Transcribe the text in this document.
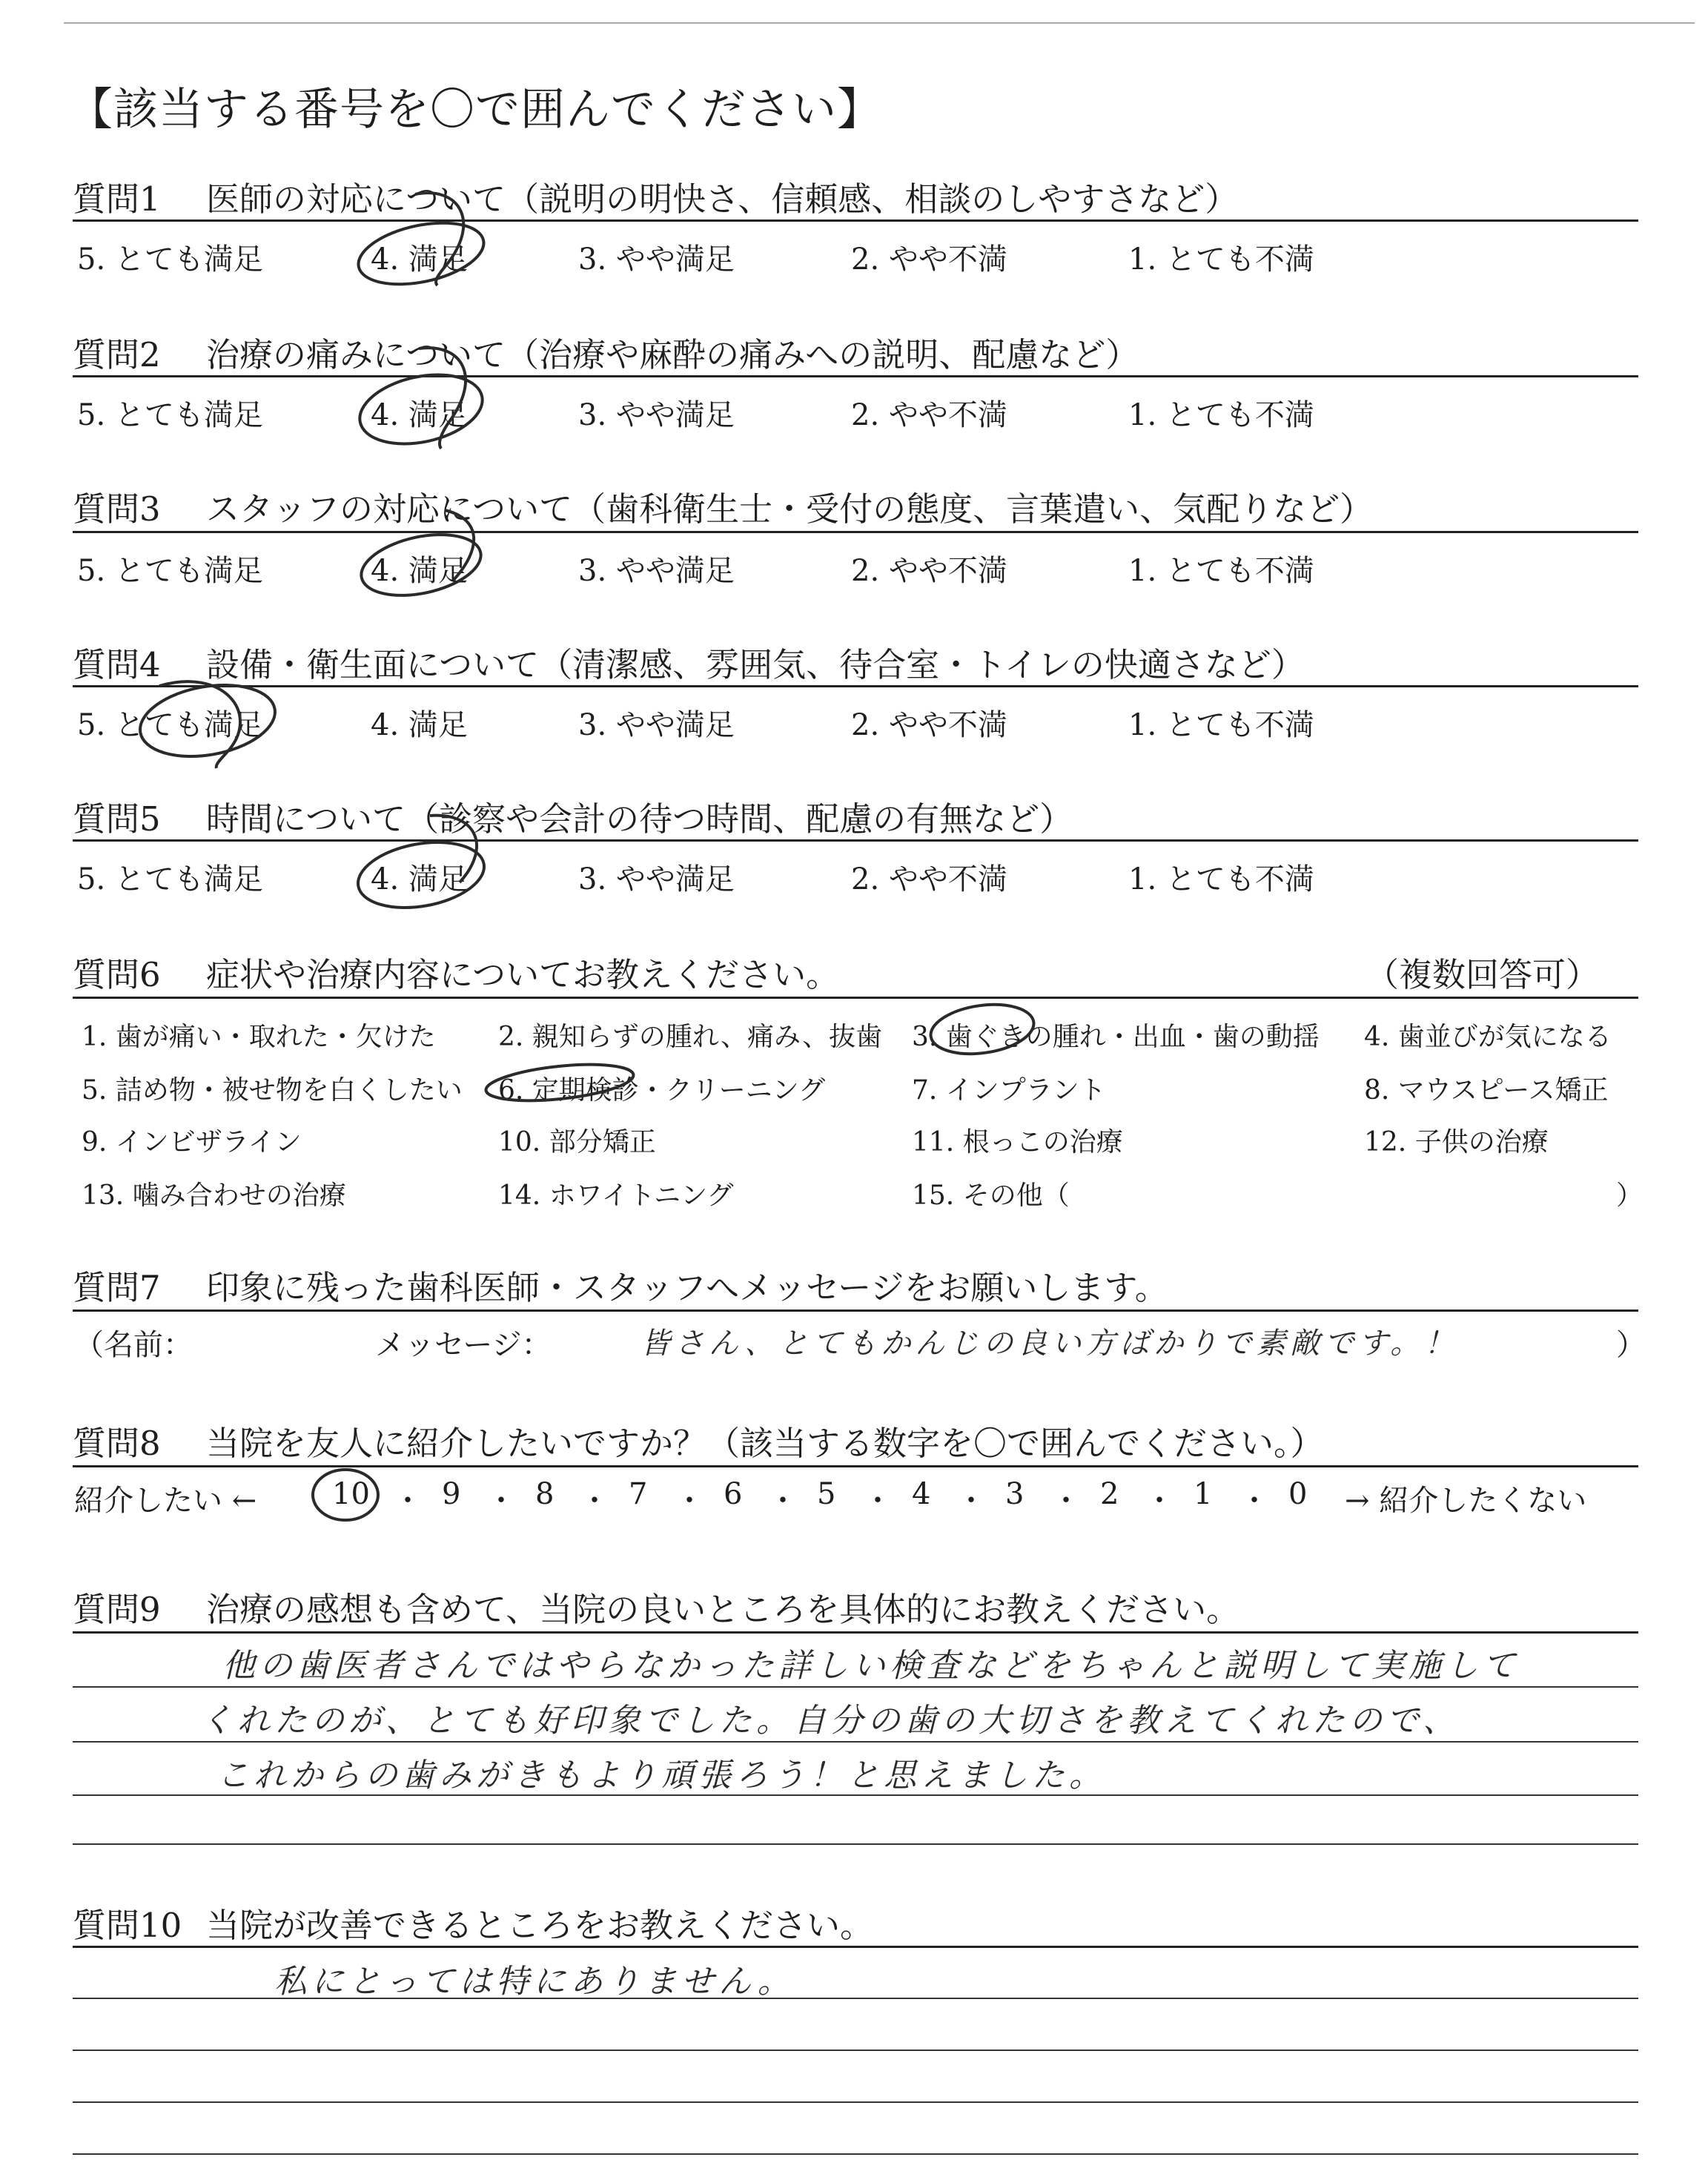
【該当する番号を〇で囲んでください】
質問1 医師の対応について（説明の明快さ、信頼感、相談のしやすさなど）
5. とても満足	4. 満足	3. やや満足	2. やや不満	1. とても不満
質問2 治療の痛みについて（治療や麻酔の痛みへの説明、配慮など）
5. とても満足	4. 満足	3. やや満足	2. やや不満	1. とても不満
質問3 スタッフの対応について（歯科衛生士・受付の態度、言葉遣い、気配りなど）
5. とても満足	4. 満足	3. やや満足	2. やや不満	1. とても不満
質問4 設備・衛生面について（清潔感、雰囲気、待合室・トイレの快適さなど）
5. とても満足	4. 満足	3. やや満足	2. やや不満	1. とても不満
質問5 時間について（診察や会計の待つ時間、配慮の有無など）
5. とても満足	4. 満足	3. やや満足	2. やや不満	1. とても不満
質問6 症状や治療内容についてお教えください。	（複数回答可）
1. 歯が痛い・取れた・欠けた 2. 親知らずの腫れ、痛み、抜歯 3. 歯ぐきの腫れ・出血・歯の動揺 4. 歯並びが気になる
5. 詰め物・被せ物を白くしたい 6. 定期検診・クリーニング	7. インプラント	8. マウスピース矯正
9. インビザライン	10. 部分矯正	11. 根っこの治療	12. 子供の治療
13. 噛み合わせの治療	14. ホワイトニング	15. その他（	）
質問7 印象に残った歯科医師・スタッフへメッセージをお願いします。
（名前：	メッセージ：	皆さん、とてもかんじの良い方ばかりで素敵です。！	）
質問8 当院を友人に紹介したいですか？（該当する数字を〇で囲んでください。）
紹介したい ←	10 ・ 9 ・ 8 ・ 7 ・ 6 ・ 5 ・ 4 ・ 3 ・ 2 ・ 1 ・ 0 → 紹介したくない
質問9 治療の感想も含めて、当院の良いところを具体的にお教えください。
他の歯医者さんではやらなかった詳しい検査などをちゃんと説明して実施して
くれたのが、とても好印象でした。自分の歯の大切さを教えてくれたので、
これからの歯みがきもより頑張ろう！と思えました。
質問10 当院が改善できるところをお教えください。
私にとっては特にありません。
